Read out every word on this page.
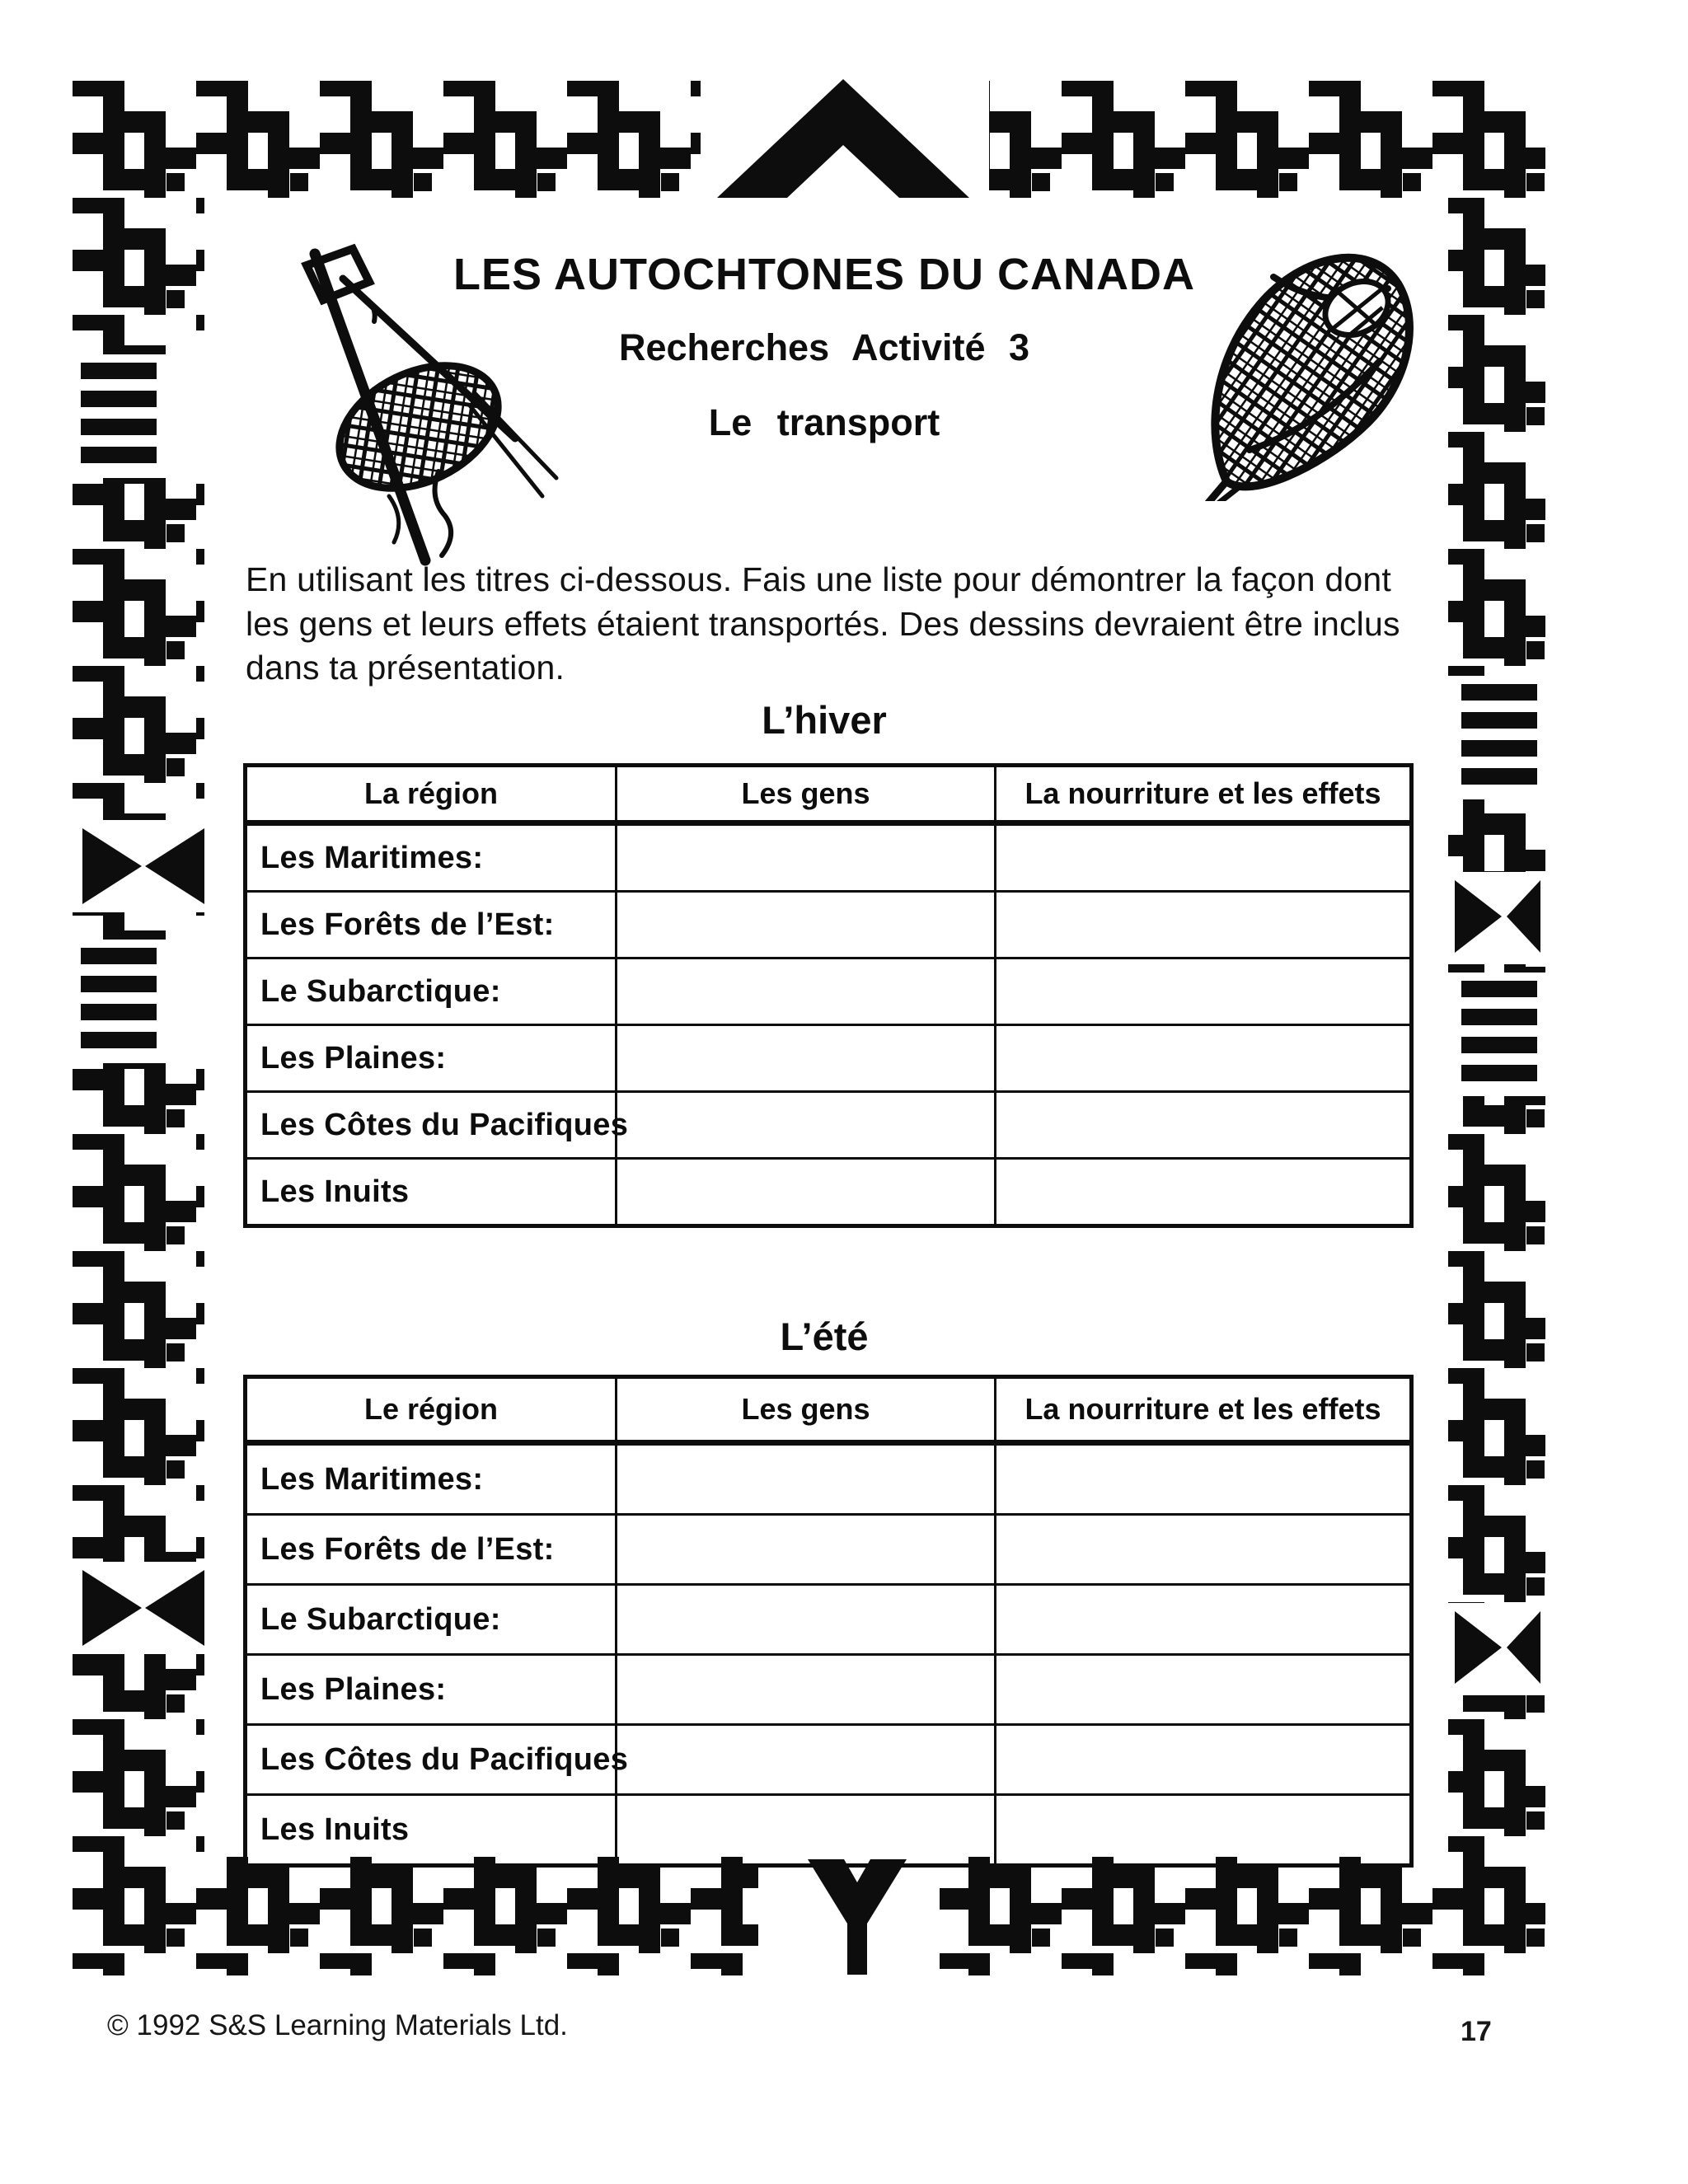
LES AUTOCHTONES DU CANADA
Recherches Activité 3
Le transport

En utilisant les titres ci-dessous. Fais une liste pour démontrer la façon dont les gens et leurs effets étaient transportés. Des dessins devraient être inclus dans ta présentation.

L’hiver
La région	Les gens	La nourriture et les effets
Les Maritimes:		
Les Forêts de l’Est:		
Le Subarctique:		
Les Plaines:		
Les Côtes du Pacifiques		
Les Inuits		
L’été
Le région	Les gens	La nourriture et les effets
Les Maritimes:		
Les Forêts de l’Est:		
Le Subarctique:		
Les Plaines:		
Les Côtes du Pacifiques		
Les Inuits		
© 1992 S&S Learning Materials Ltd.	17
